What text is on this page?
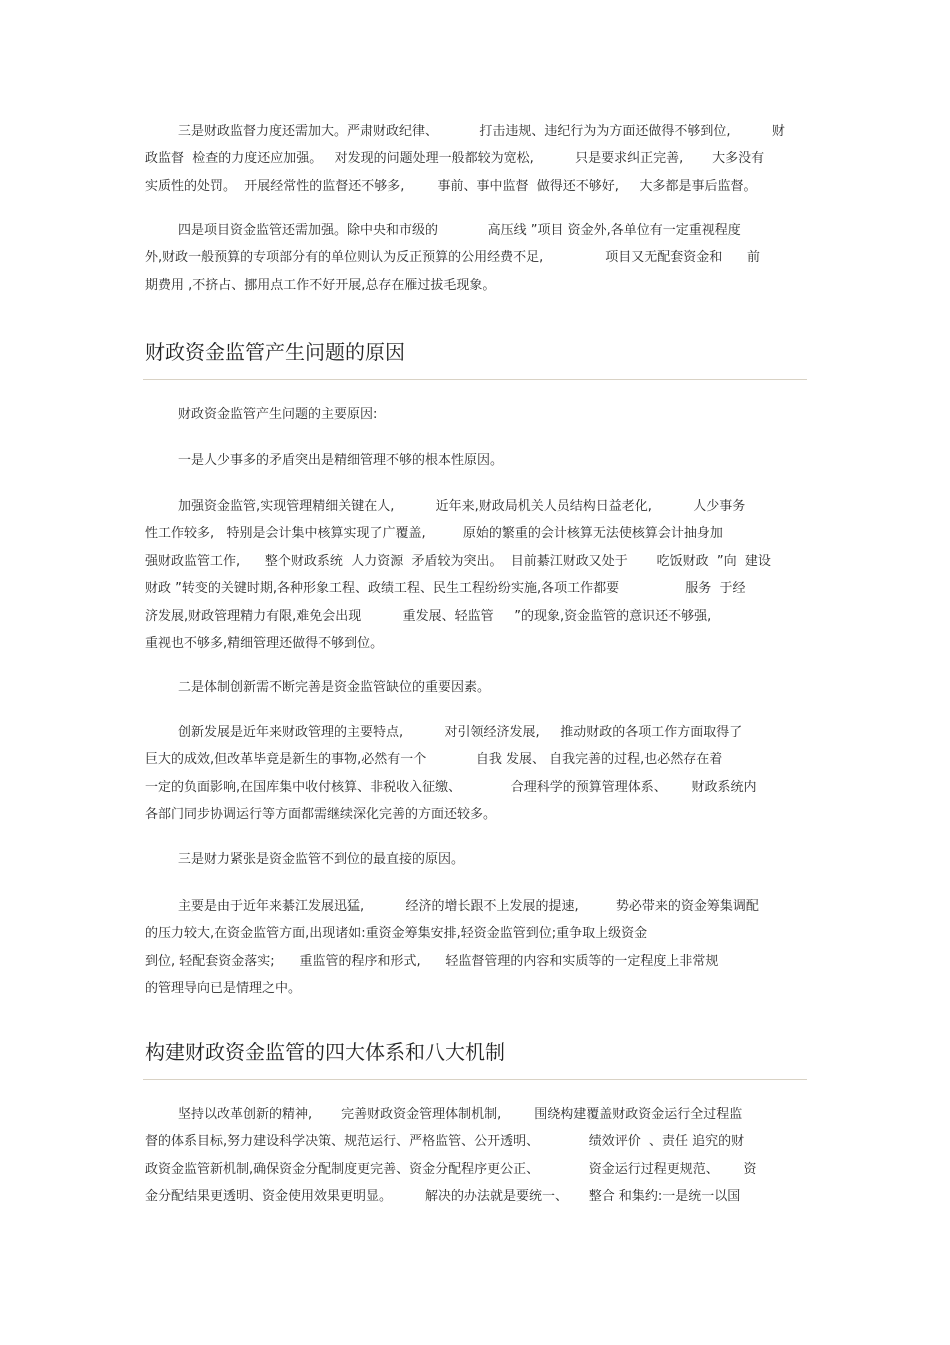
三是财政监督力度还需加大。严肃财政纪律、          打击违规、违纪行为为方面还做得不够到位,          财
政监督  检查的力度还应加强。   对发现的问题处理一般都较为宽松,          只是要求纠正完善,       大多没有
实质性的处罚。  开展经常性的监督还不够多,        事前、事中监督  做得还不够好,     大多都是事后监督。
四是项目资金监管还需加强。除中央和市级的            高压线 ”项目 资金外,各单位有一定重视程度
外,财政一般预算的专项部分有的单位则认为反正预算的公用经费不足,               项目又无配套资金和      前
期费用 ,不挤占、挪用点工作不好开展,总存在雁过拔毛现象。
财政资金监管产生问题的原因
财政资金监管产生问题的主要原因:
一是人少事多的矛盾突出是精细管理不够的根本性原因。
加强资金监管,实现管理精细关键在人,          近年来,财政局机关人员结构日益老化,          人少事务
性工作较多,   特别是会计集中核算实现了广覆盖,         原始的繁重的会计核算无法使核算会计抽身加
强财政监管工作,      整个财政系统  人力资源  矛盾较为突出。  目前綦江财政又处于       吃饭财政  ”向  建设
财政 ”转变的关键时期,各种形象工程、政绩工程、民生工程纷纷实施,各项工作都要                服务  于经
济发展,财政管理精力有限,难免会出现          重发展、轻监管     ”的现象,资金监管的意识还不够强,
重视也不够多,精细管理还做得不够到位。
二是体制创新需不断完善是资金监管缺位的重要因素。
创新发展是近年来财政管理的主要特点,          对引领经济发展,     推动财政的各项工作方面取得了
巨大的成效,但改革毕竟是新生的事物,必然有一个            自我 发展、 自我完善的过程,也必然存在着
一定的负面影响,在国库集中收付核算、非税收入征缴、            合理科学的预算管理体系、      财政系统内
各部门同步协调运行等方面都需继续深化完善的方面还较多。
三是财力紧张是资金监管不到位的最直接的原因。
主要是由于近年来綦江发展迅猛,          经济的增长跟不上发展的提速,         势必带来的资金筹集调配
的压力较大,在资金监管方面,出现诸如:重资金筹集安排,轻资金监管到位;重争取上级资金
到位, 轻配套资金落实;      重监管的程序和形式,      轻监督管理的内容和实质等的一定程度上非常规
的管理导向已是情理之中。
构建财政资金监管的四大体系和八大机制
坚持以改革创新的精神,       完善财政资金管理体制机制,        围绕构建覆盖财政资金运行全过程监
督的体系目标,努力建设科学决策、规范运行、严格监管、公开透明、            绩效评价  、责任 追究的财
政资金监管新机制,确保资金分配制度更完善、资金分配程序更公正、            资金运行过程更规范、      资
金分配结果更透明、资金使用效果更明显。        解决的办法就是要统一、     整合 和集约:一是统一以国
